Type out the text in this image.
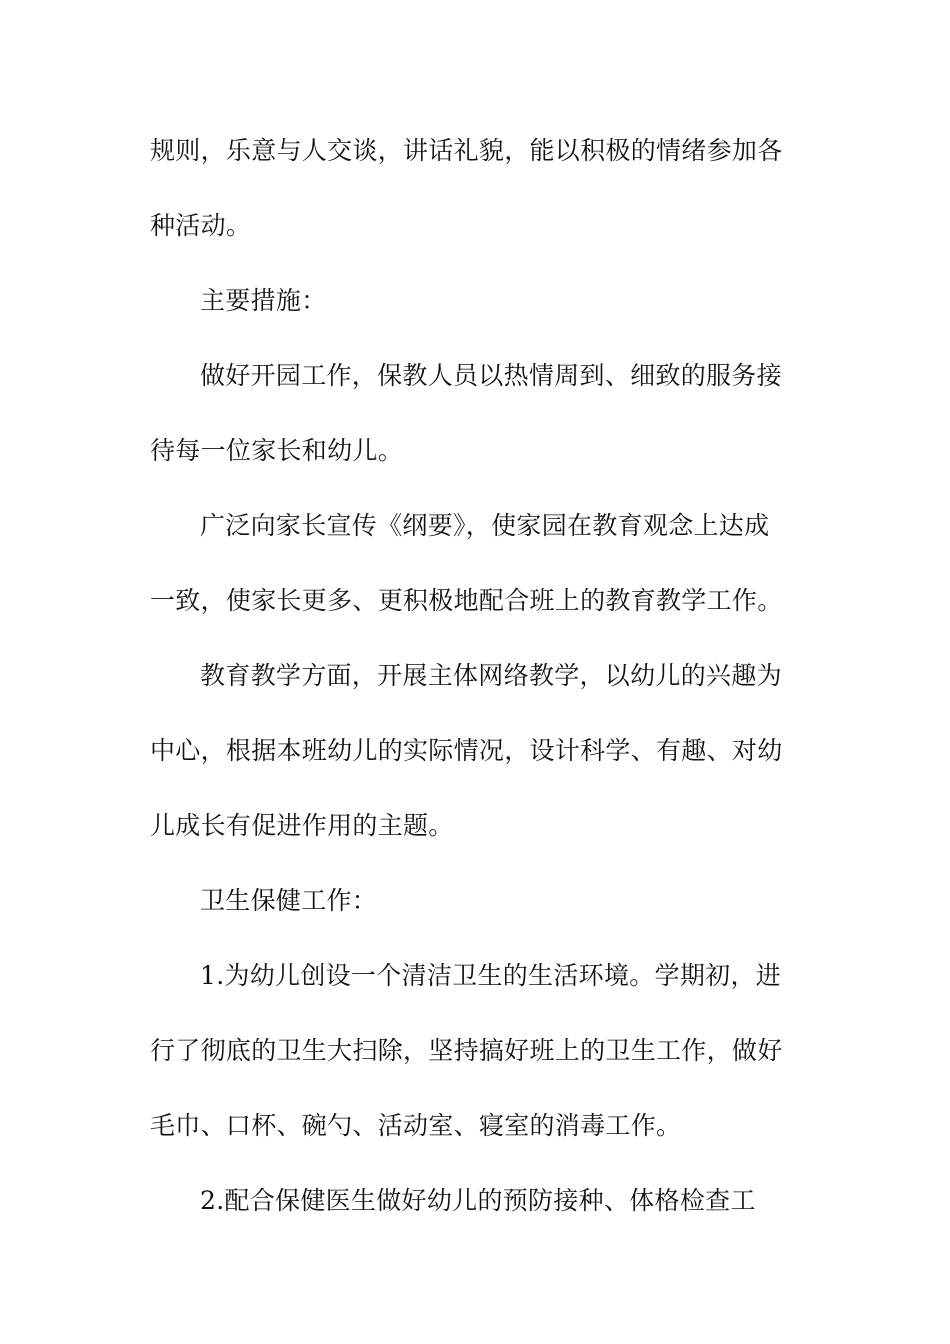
规则，乐意与人交谈，讲话礼貌，能以积极的情绪参加各
种活动。
主要措施：
做好开园工作，保教人员以热情周到、细致的服务接
待每一位家长和幼儿。
广泛向家长宣传《纲要》，使家园在教育观念上达成
一致，使家长更多、更积极地配合班上的教育教学工作。
教育教学方面，开展主体网络教学，以幼儿的兴趣为
中心，根据本班幼儿的实际情况，设计科学、有趣、对幼
儿成长有促进作用的主题。
卫生保健工作：
1.为幼儿创设一个清洁卫生的生活环境。学期初，进
行了彻底的卫生大扫除，坚持搞好班上的卫生工作，做好
毛巾、口杯、碗勺、活动室、寝室的消毒工作。
2.配合保健医生做好幼儿的预防接种、体格检查工
